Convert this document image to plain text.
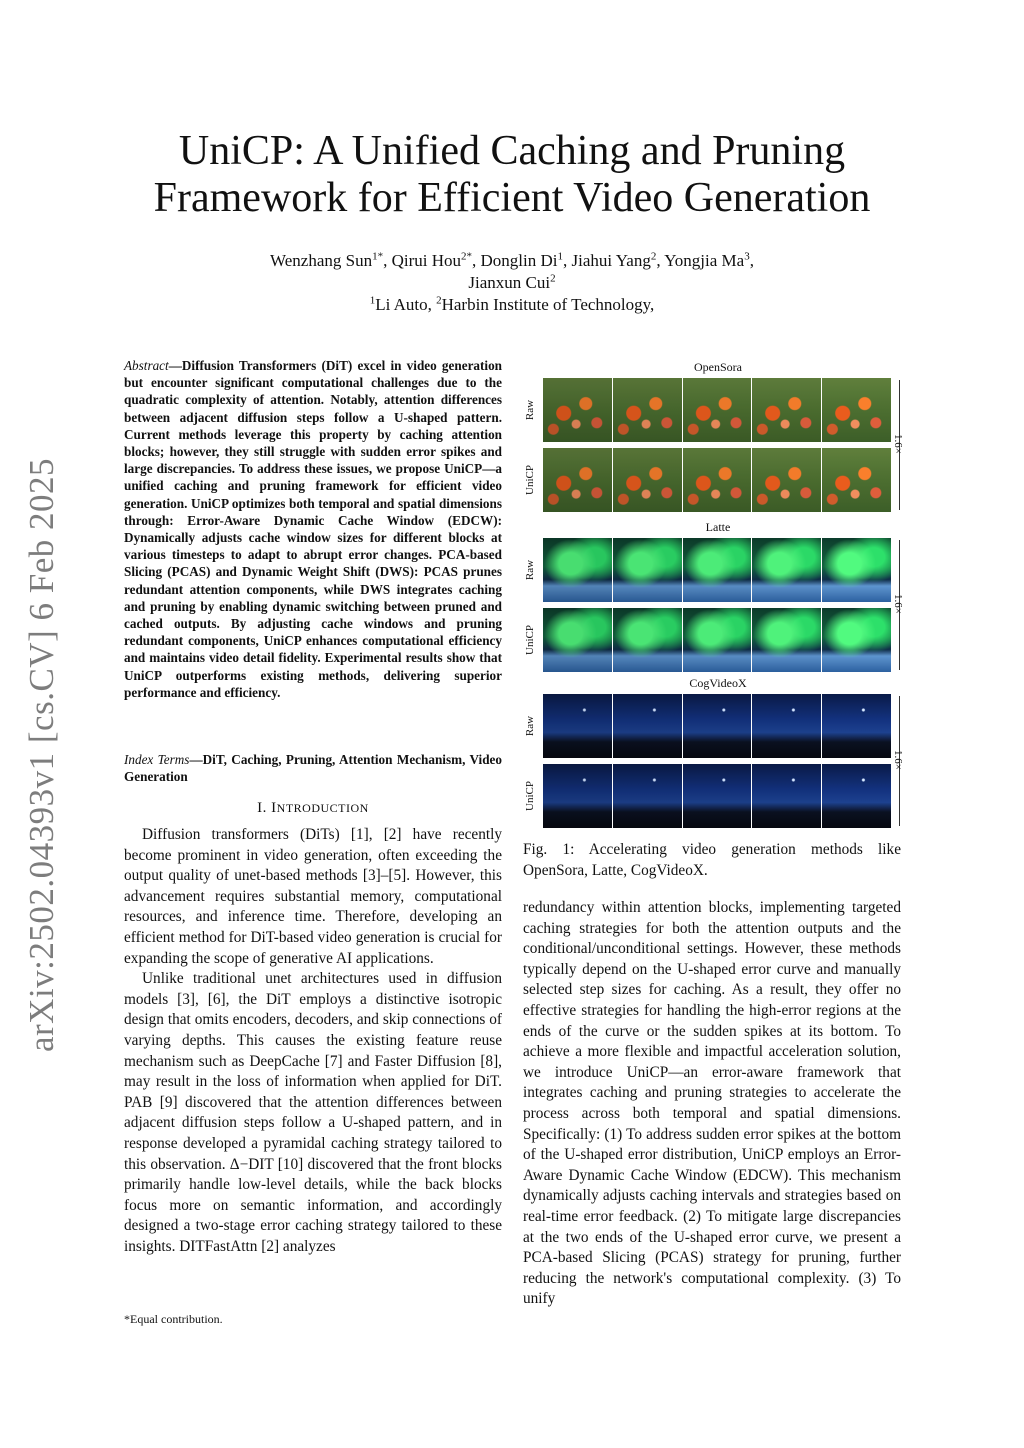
arXiv:2502.04393v1 [cs.CV] 6 Feb 2025
UniCP: A Unified Caching and Pruning
Framework for Efficient Video Generation
Wenzhang Sun$^{1*}$, Qirui Hou$^{2*}$, Donglin Di$^1$, Jiahui Yang$^2$, Yongjia Ma$^3$,
Jianxun Cui$^2$
$^1$Li Auto, $^2$Harbin Institute of Technology,
Abstract—Diffusion Transformers (DiT) excel in video generation but encounter significant computational challenges due to the quadratic complexity of attention. Notably, attention differences between adjacent diffusion steps follow a U-shaped pattern. Current methods leverage this property by caching attention blocks; however, they still struggle with sudden error spikes and large discrepancies. To address these issues, we propose UniCP—a unified caching and pruning framework for efficient video generation. UniCP optimizes both temporal and spatial dimensions through: Error-Aware Dynamic Cache Window (EDCW): Dynamically adjusts cache window sizes for different blocks at various timesteps to adapt to abrupt error changes. PCA-based Slicing (PCAS) and Dynamic Weight Shift (DWS): PCAS prunes redundant attention components, while DWS integrates caching and pruning by enabling dynamic switching between pruned and cached outputs. By adjusting cache windows and pruning redundant components, UniCP enhances computational efficiency and maintains video detail fidelity. Experimental results show that UniCP outperforms existing methods, delivering superior performance and efficiency.
Index Terms—DiT, Caching, Pruning, Attention Mechanism, Video Generation
I. INTRODUCTION

Diffusion transformers (DiTs) [1], [2] have recently become prominent in video generation, often exceeding the output quality of unet-based methods [3]–[5]. However, this advancement requires substantial memory, computational resources, and inference time. Therefore, developing an efficient method for DiT-based video generation is crucial for expanding the scope of generative AI applications.

Unlike traditional unet architectures used in diffusion models [3], [6], the DiT employs a distinctive isotropic design that omits encoders, decoders, and skip connections of varying depths. This causes the existing feature reuse mechanism such as DeepCache [7] and Faster Diffusion [8], may result in the loss of information when applied for DiT. PAB [9] discovered that the attention differences between adjacent diffusion steps follow a U-shaped pattern, and in response developed a pyramidal caching strategy tailored to this observation. Δ−DIT [10] discovered that the front blocks primarily handle low-level details, while the back blocks focus more on semantic information, and accordingly designed a two-stage error caching strategy tailored to these insights. DITFastAttn [2] analyzes

*Equal contribution.
OpenSora
Raw
UniCP
1.6×
Latte
Raw
UniCP
1.6×
CogVideoX
Raw
UniCP
1.6×
Fig. 1: Accelerating video generation methods like OpenSora, Latte, CogVideoX.

redundancy within attention blocks, implementing targeted caching strategies for both the attention outputs and the conditional/unconditional settings. However, these methods typically depend on the U-shaped error curve and manually selected step sizes for caching. As a result, they offer no effective strategies for handling the high-error regions at the ends of the curve or the sudden spikes at its bottom. To achieve a more flexible and impactful acceleration solution, we introduce UniCP—an error-aware framework that integrates caching and pruning strategies to accelerate the process across both temporal and spatial dimensions. Specifically: (1) To address sudden error spikes at the bottom of the U-shaped error distribution, UniCP employs an Error-Aware Dynamic Cache Window (EDCW). This mechanism dynamically adjusts caching intervals and strategies based on real-time error feedback. (2) To mitigate large discrepancies at the two ends of the U-shaped error curve, we present a PCA-based Slicing (PCAS) strategy for pruning, further reducing the network's computational complexity. (3) To unify
